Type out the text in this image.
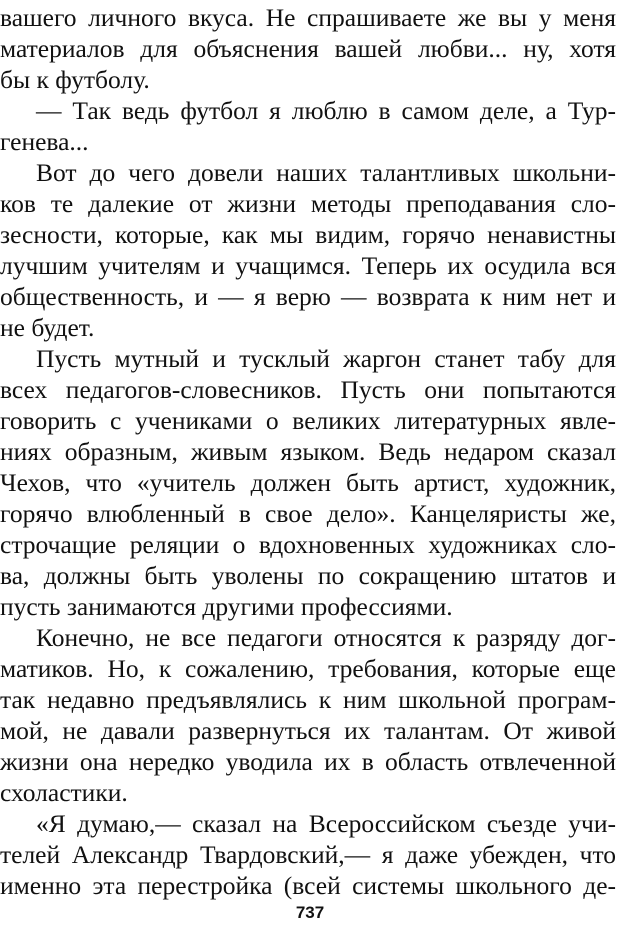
вашего личного вкуса. Не спрашиваете же вы у меня
материалов для объяснения вашей любви... ну, хотя
бы к футболу.
— Так ведь футбол я люблю в самом деле, а Тур-
генева...
Вот до чего довели наших талантливых школьни-
ков те далекие от жизни методы преподавания сло-
зесности, которые, как мы видим, горячо ненавистны
лучшим учителям и учащимся. Теперь их осудила вся
общественность, и — я верю — возврата к ним нет и
не будет.
Пусть мутный и тусклый жаргон станет табу для
всех педагогов-словесников. Пусть они попытаются
говорить с учениками о великих литературных явле-
ниях образным, живым языком. Ведь недаром сказал
Чехов, что «учитель должен быть артист, художник,
горячо влюбленный в свое дело». Канцеляристы же,
строчащие реляции о вдохновенных художниках сло-
ва, должны быть уволены по сокращению штатов и
пусть занимаются другими профессиями.
Конечно, не все педагоги относятся к разряду дог-
матиков. Но, к сожалению, требования, которые еще
так недавно предъявлялись к ним школьной програм-
мой, не давали развернуться их талантам. От живой
жизни она нередко уводила их в область отвлеченной
схоластики.
«Я думаю,— сказал на Всероссийском съезде учи-
телей Александр Твардовский,— я даже убежден, что
именно эта перестройка (всей системы школьного де-
737
